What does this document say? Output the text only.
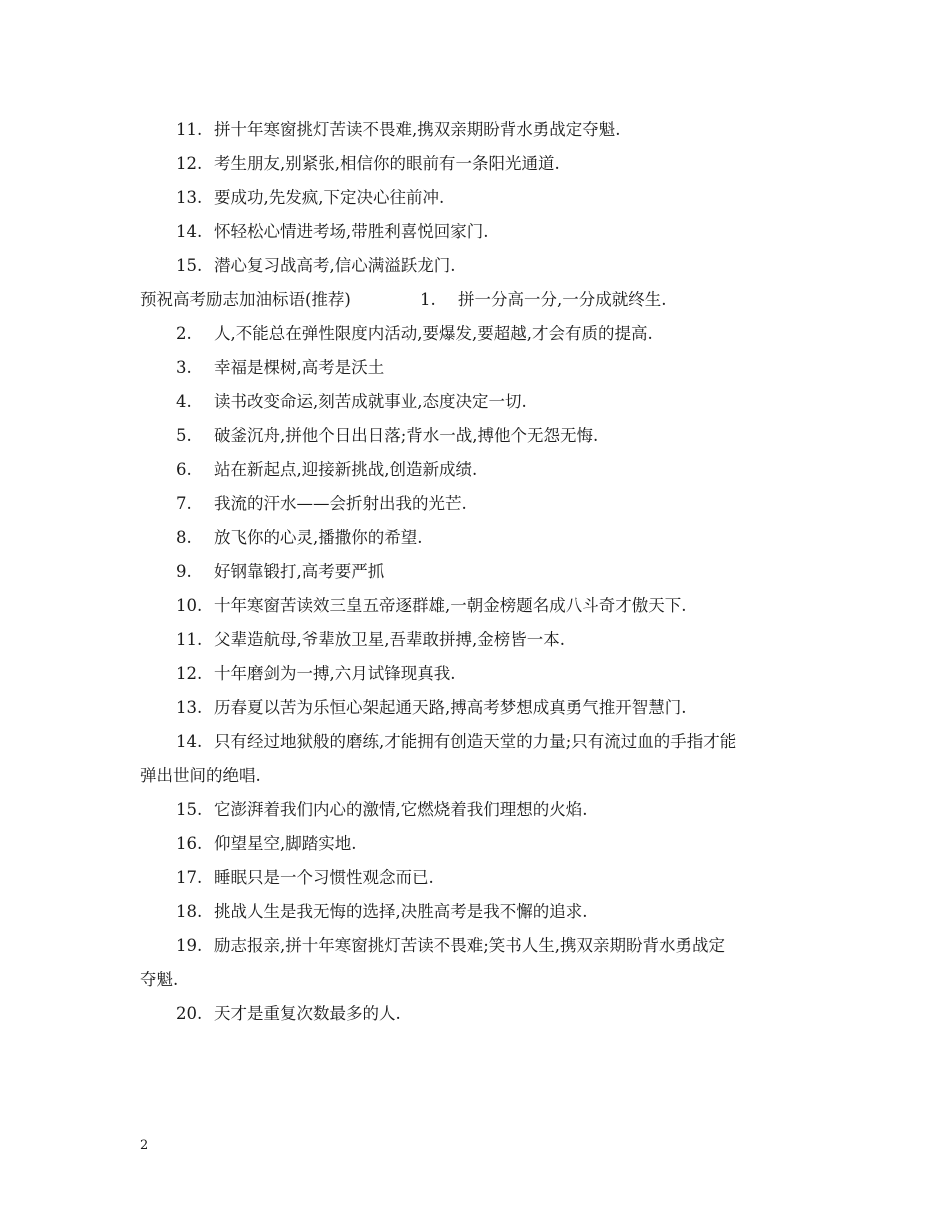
11. 拼十年寒窗挑灯苦读不畏难,携双亲期盼背水勇战定夺魁.
12. 考生朋友,别紧张,相信你的眼前有一条阳光通道.
13. 要成功,先发疯,下定决心往前冲.
14. 怀轻松心情进考场,带胜利喜悦回家门.
15. 潜心复习战高考,信心满溢跃龙门.
预祝高考励志加油标语(推荐)	1. 拼一分高一分,一分成就终生.
2. 人,不能总在弹性限度内活动,要爆发,要超越,才会有质的提高.
3. 幸福是棵树,高考是沃土
4. 读书改变命运,刻苦成就事业,态度决定一切.
5. 破釜沉舟,拼他个日出日落;背水一战,搏他个无怨无悔.
6. 站在新起点,迎接新挑战,创造新成绩.
7. 我流的汗水——会折射出我的光芒.
8. 放飞你的心灵,播撒你的希望.
9. 好钢靠锻打,高考要严抓
10. 十年寒窗苦读效三皇五帝逐群雄,一朝金榜题名成八斗奇才傲天下.
11. 父辈造航母,爷辈放卫星,吾辈敢拼搏,金榜皆一本.
12. 十年磨剑为一搏,六月试锋现真我.
13. 历春夏以苦为乐恒心架起通天路,搏高考梦想成真勇气推开智慧门.
14. 只有经过地狱般的磨练,才能拥有创造天堂的力量;只有流过血的手指才能
弹出世间的绝唱.
15. 它澎湃着我们内心的激情,它燃烧着我们理想的火焰.
16. 仰望星空,脚踏实地.
17. 睡眠只是一个习惯性观念而已.
18. 挑战人生是我无悔的选择,决胜高考是我不懈的追求.
19. 励志报亲,拼十年寒窗挑灯苦读不畏难;笑书人生,携双亲期盼背水勇战定
夺魁.
20. 天才是重复次数最多的人.
2
